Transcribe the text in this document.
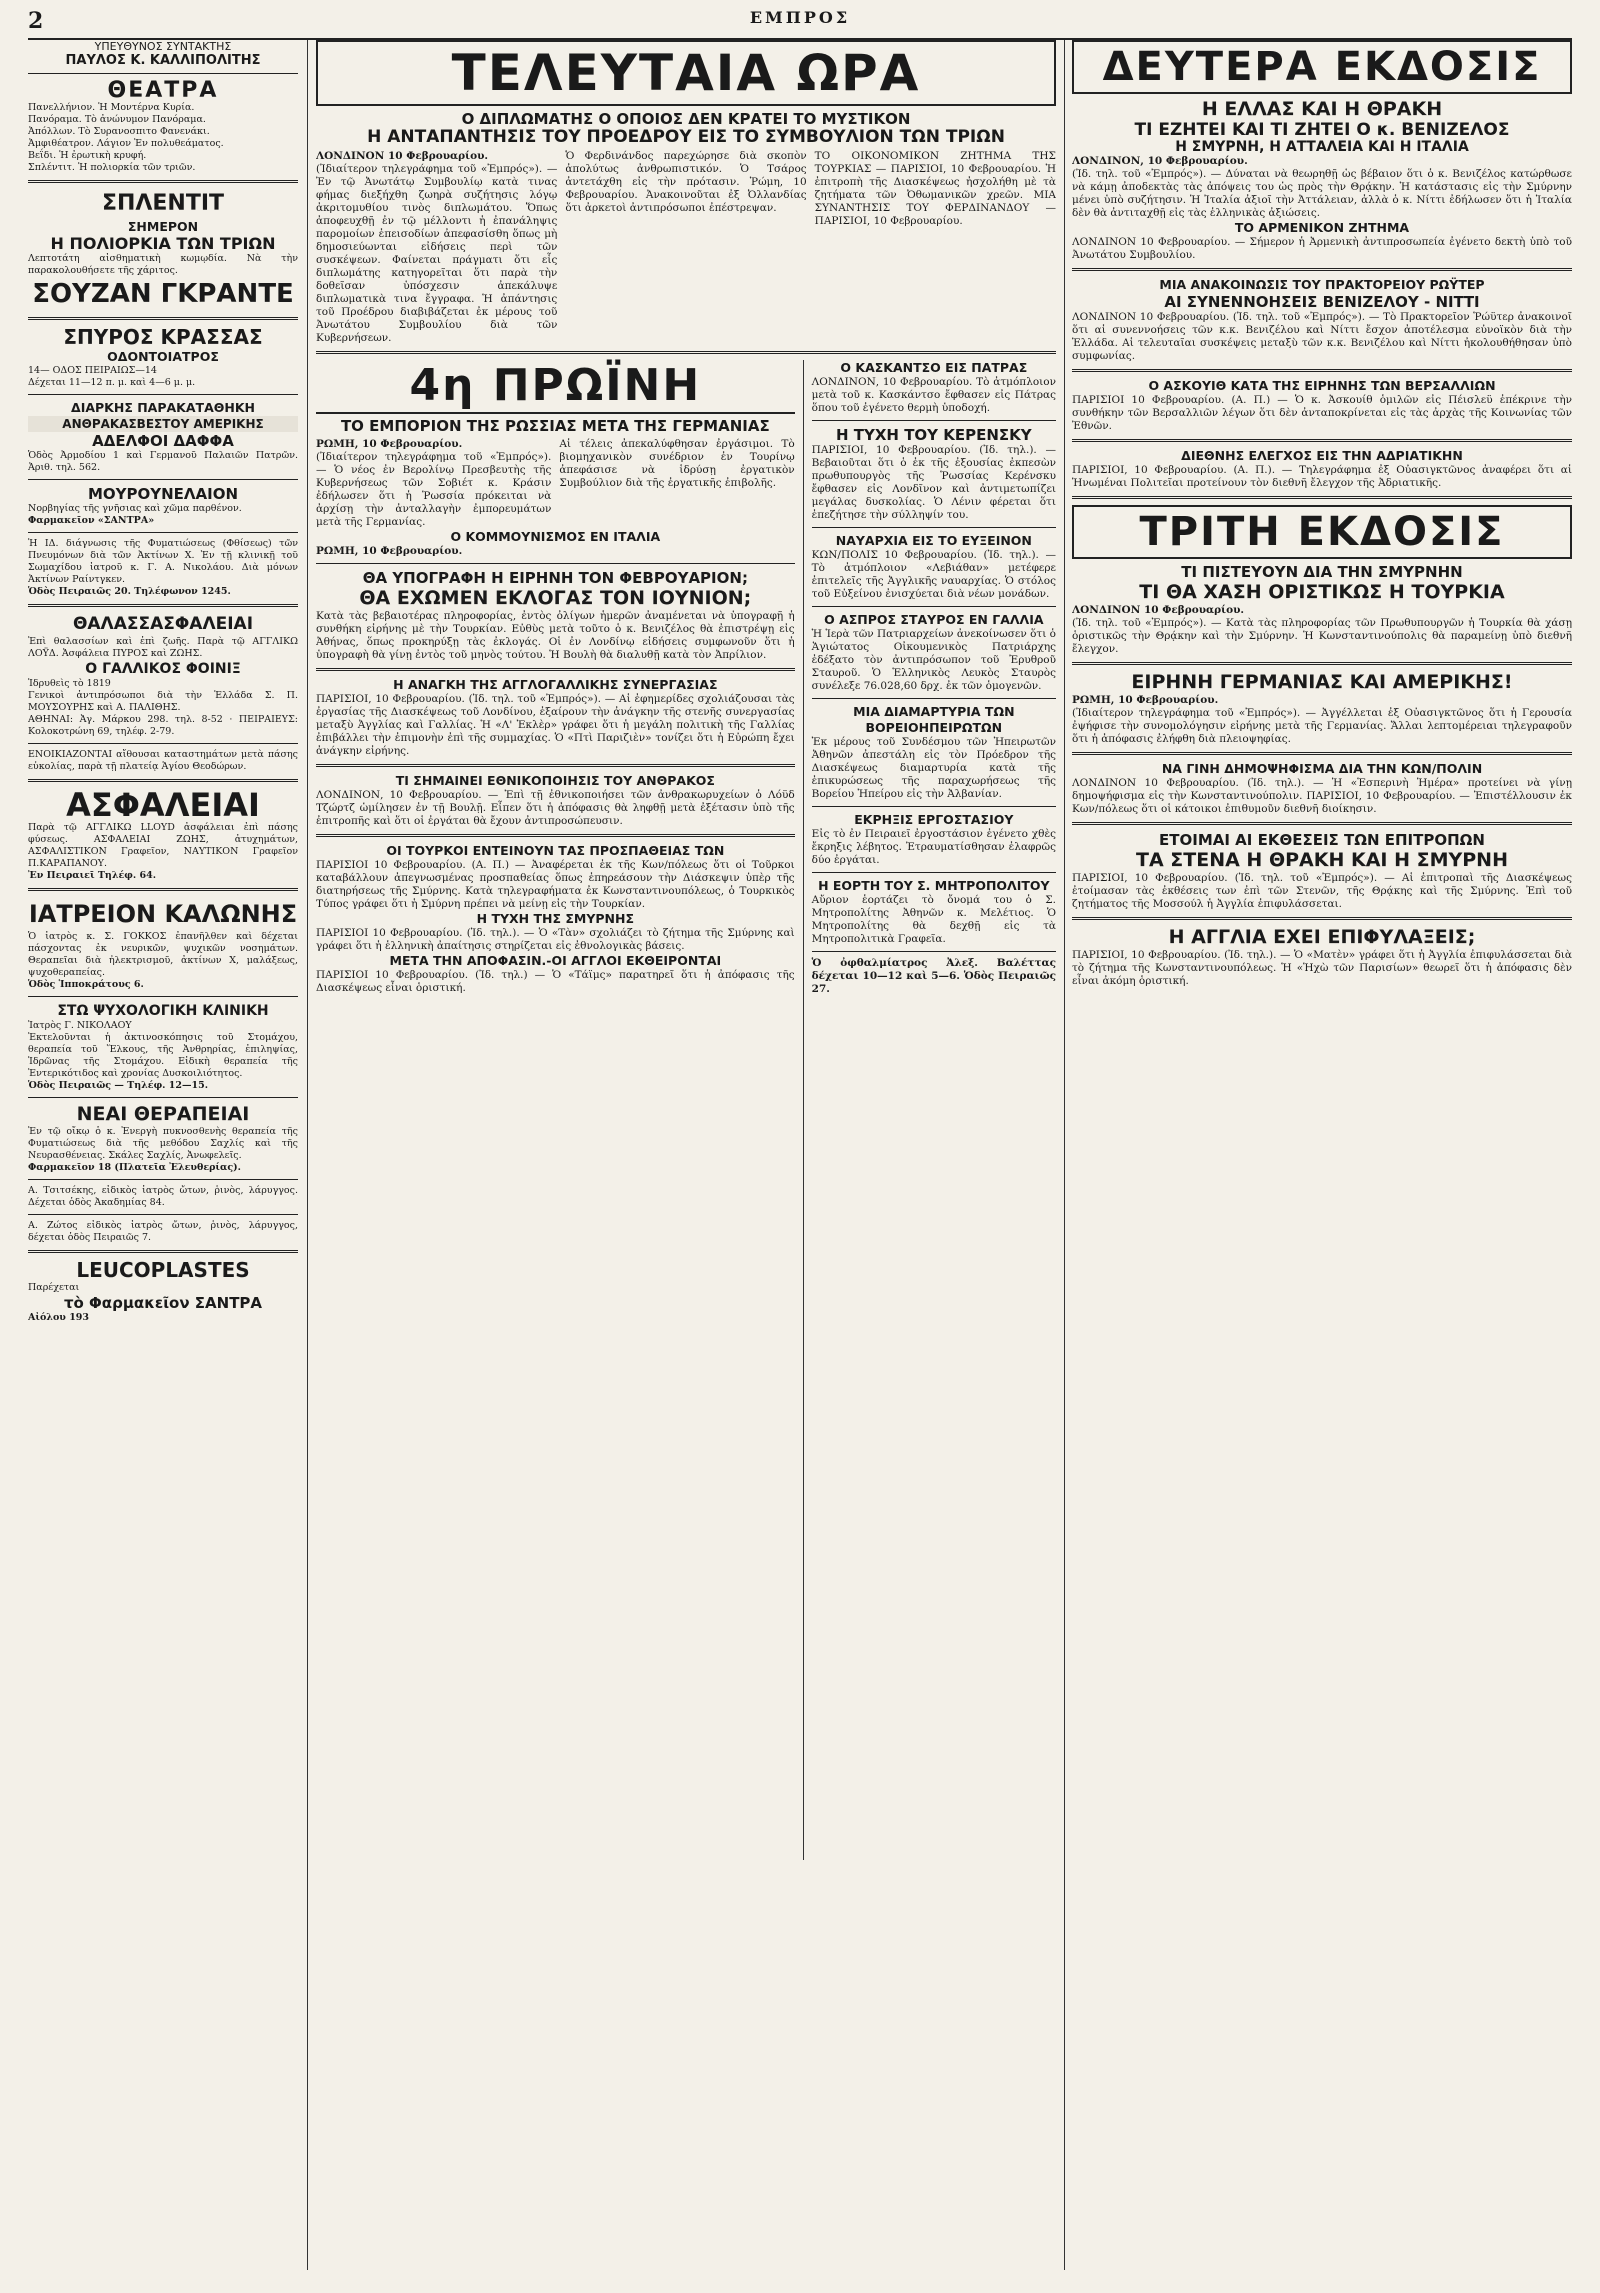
2	ΕΜΠΡΟΣ
ΥΠΕΥΘΥΝΟΣ ΣΥΝΤΑΚΤΗΣ
ΠΑΥΛΟΣ Κ. ΚΑΛΛΙΠΟΛΙΤΗΣ
ΘΕΑΤΡΑ
Πανελλήνιον. Ἡ Μοντέρνα Κυρία.
Πανόραμα. Τὸ ἀνώνυμον Πανόραμα.
Ἀπόλλων. Τὸ Συρανοσπιτο Φανενάκι.
Ἀμφιθέατρον. Λάγιον Ἐν πολυθεάματος.
Βεΐδι. Ἡ ἐρωτικὴ κρυφή.
Σπλέντιτ. Ἡ πολιορκία τῶν τριῶν.
ΣΠΛΕΝΤΙΤ
ΣΗΜΕΡΟΝ
Η ΠΟΛΙΟΡΚΙΑ ΤΩΝ ΤΡΙΩΝ
Λεπτοτάτη αἰσθηματικὴ κωμῳδία. Νὰ τὴν παρακολουθήσετε τῆς χάριτος.
ΣΟΥΖΑΝ ΓΚΡΑΝΤΕ
ΣΠΥΡΟΣ ΚΡΑΣΣΑΣ
ΟΔΟΝΤΟΙΑΤΡΟΣ
14— ΟΔΟΣ ΠΕΙΡΑΙΩΣ—14
Δέχεται 11—12 π. μ. καὶ 4—6 μ. μ.
ΔΙΑΡΚΗΣ ΠΑΡΑΚΑΤΑΘΗΚΗ
ΑΝΘΡΑΚΑΣΒΕΣΤΟΥ ΑΜΕΡΙΚΗΣ
ΑΔΕΛΦΟΙ ΔΑΦΦΑ
Ὁδὸς Ἀρμοδίου 1 καὶ Γερμανοῦ Παλαιῶν Πατρῶν. Ἀριθ. τηλ. 562.
ΜΟΥΡΟΥΝΕΛΑΙΟΝ
Νορβηγίας τῆς γνῆσιας καὶ χῶμα παρθένον.
Φαρμακεῖον «ΣΑΝΤΡΑ»
Ἡ ΙΔ. διάγνωσις τῆς Φυματιώσεως (Φθίσεως) τῶν Πνευμόνων διὰ τῶν Ἀκτίνων Χ. Ἐν τῇ κλινικῇ τοῦ Σωμαχίδου ἰατροῦ κ. Γ. Α. Νικολάου. Διὰ μόνων Ἀκτίνων Ραίντγκεν.
Ὁδὸς Πειραιῶς 20. Τηλέφωνον 1245.
ΘΑΛΑΣΣΑΣΦΑΛΕΙΑΙ
Ἐπὶ θαλασσίων καὶ ἐπὶ ζωῆς. Παρὰ τῷ ΑΓΓΛΙΚΩ ΛΟΫΔ. Ἀσφάλεια ΠΥΡΟΣ καὶ ΖΩΗΣ.
Ο ΓΑΛΛΙΚΟΣ ΦΟΙΝΙΞ
Ἱδρυθεὶς τὸ 1819
Γενικοὶ ἀντιπρόσωποι διὰ τὴν Ἑλλάδα Σ. Π. ΜΟΥΣΟΥΡΗΣ καὶ Α. ΠΑΛΙΘΗΣ.
ΑΘΗΝΑΙ: Ἀγ. Μάρκου 298. τηλ. 8-52 · ΠΕΙΡΑΙΕΥΣ: Κολοκοτρώνη 69, τηλέφ. 2-79.
ΕΝΟΙΚΙΑΖΟΝΤΑΙ αἴθουσαι καταστημάτων μετὰ πάσης εὐκολίας, παρὰ τῇ πλατείᾳ Ἁγίου Θεοδώρων.
ΑΣΦΑΛΕΙΑΙ
Παρὰ τῷ ΑΓΓΛΙΚΩ LLOYD ἀσφάλειαι ἐπὶ πάσης φύσεως. ΑΣΦΑΛΕΙΑΙ ΖΩΗΣ, ἀτυχημάτων, ΑΣΦΑΛΙΣΤΙΚΟΝ Γραφεῖον, ΝΑΥΤΙΚΟΝ Γραφεῖον Π.ΚΑΡΑΠΑΝΟΥ.
Ἐν Πειραιεῖ Τηλέφ. 64.
ΙΑΤΡΕΙΟΝ ΚΑΛΩΝΗΣ
Ὁ ἰατρὸς κ. Σ. ΓΟΚΚΟΣ ἐπανῆλθεν καὶ δέχεται πάσχοντας ἐκ νευρικῶν, ψυχικῶν νοσημάτων. Θεραπεῖαι διὰ ἠλεκτρισμοῦ, ἀκτίνων Χ, μαλάξεως, ψυχοθεραπείας.
Ὁδὸς Ἱπποκράτους 6.
ΣΤΩ ΨΥΧΟΛΟΓΙΚΗ ΚΛΙΝΙΚΗ
Ἰατρὸς Γ. ΝΙΚΟΛΑΟΥ
Ἐκτελοῦνται ἡ ἀκτινοσκόπησις τοῦ Στομάχου, θεραπεία τοῦ Ἕλκους, τῆς Ἀνθρηρίας, ἐπιληψίας, Ἱδρῶνας τῆς Στομάχου. Εἰδικὴ θεραπεία τῆς Ἐντερικότιδος καὶ χρονίας Δυσκοιλιότητος.
Ὁδὸς Πειραιῶς — Τηλέφ. 12—15.
ΝΕΑΙ ΘΕΡΑΠΕΙΑΙ
Ἐν τῷ οἴκῳ ὁ κ. Ἐνεργὴ πυκνοσθενὴς θεραπεία τῆς Φυματιώσεως διὰ τῆς μεθόδου Σαχλίς καὶ τῆς Νευρασθένειας. Σκάλες Σαχλίς, Ἀνωφελεῖς.
Φαρμακεῖον 18 (Πλατεῖα Ἐλευθερίας).
Α. Τσιτσέκης, εἰδικὸς ἰατρὸς ὤτων, ῥινὸς, λάρυγγος. Δέχεται ὁδὸς Ἀκαδημίας 84.
Α. Ζώτος εἰδικὸς ἰατρὸς ὤτων, ῥινὸς, λάρυγγος, δέχεται ὁδὸς Πειραιῶς 7.
LEUCOPLASTES
Παρέχεται
τὸ Φαρμακεῖον ΣΑΝΤΡΑ
Αἰόλου 193
ΤΕΛΕΥΤΑΙΑ ΩΡΑ
Ο ΔΙΠΛΩΜΑΤΗΣ Ο ΟΠΟΙΟΣ ΔΕΝ ΚΡΑΤΕΙ ΤΟ ΜΥΣΤΙΚΟΝ
Η ΑΝΤΑΠΑΝΤΗΣΙΣ ΤΟΥ ΠΡΟΕΔΡΟΥ ΕΙΣ ΤΟ ΣΥΜΒΟΥΛΙΟΝ ΤΩΝ ΤΡΙΩΝ
ΛΟΝΔΙΝΟΝ 10 Φεβρουαρίου.
(Ἰδιαίτερον τηλεγράφημα τοῦ «Ἐμπρός»). — Ἐν τῷ Ἀνωτάτῳ Συμβουλίῳ κατὰ τινας φήμας διεξήχθη ζωηρὰ συζήτησις λόγῳ ἀκριτομυθίου τινὸς διπλωμάτου. Ὅπως ἀποφευχθῇ ἐν τῷ μέλλοντι ἡ ἐπανάληψις παρομοίων ἐπεισοδίων ἀπεφασίσθη ὅπως μὴ δημοσιεύωνται εἰδήσεις περὶ τῶν συσκέψεων. Φαίνεται πράγματι ὅτι εἷς διπλωμάτης κατηγορεῖται ὅτι παρὰ τὴν δοθεῖσαν ὑπόσχεσιν ἀπεκάλυψε διπλωματικὰ τινα ἔγγραφα. Ἡ ἀπάντησις τοῦ Προέδρου διαβιβάζεται ἐκ μέρους τοῦ Ἀνωτάτου Συμβουλίου διὰ τῶν Κυβερνήσεων.
Ὁ Φερδινάνδος παρεχώρησε διὰ σκοπὸν ἀπολύτως ἀνθρωπιστικόν. Ὁ Τσάρος ἀντετάχθη εἰς τὴν πρότασιν. Ῥώμη, 10 Φεβρουαρίου. Ἀνακοινοῦται ἐξ Ὀλλανδίας ὅτι ἀρκετοὶ ἀντιπρόσωποι ἐπέστρεψαν.
ΤΟ ΟΙΚΟΝΟΜΙΚΟΝ ΖΗΤΗΜΑ ΤΗΣ ΤΟΥΡΚΙΑΣ — ΠΑΡΙΣΙΟΙ, 10 Φεβρουαρίου. Ἡ ἐπιτροπὴ τῆς Διασκέψεως ἠσχολήθη μὲ τὰ ζητήματα τῶν Ὀθωμανικῶν χρεῶν. ΜΙΑ ΣΥΝΑΝΤΗΣΙΣ ΤΟΥ ΦΕΡΔΙΝΑΝΔΟΥ — ΠΑΡΙΣΙΟΙ, 10 Φεβρουαρίου.
4η ΠΡΩΪΝΗ
ΤΟ ΕΜΠΟΡΙΟΝ ΤΗΣ ΡΩΣΣΙΑΣ ΜΕΤΑ ΤΗΣ ΓΕΡΜΑΝΙΑΣ
ΡΩΜΗ, 10 Φεβρουαρίου.
(Ἰδιαίτερον τηλεγράφημα τοῦ «Ἐμπρός»). — Ὁ νέος ἐν Βερολίνῳ Πρεσβευτὴς τῆς Κυβερνήσεως τῶν Σοβιέτ κ. Κράσιν ἐδήλωσεν ὅτι ἡ Ῥωσσία πρόκειται νὰ ἀρχίσῃ τὴν ἀνταλλαγὴν ἐμπορευμάτων μετὰ τῆς Γερμανίας.
Αἱ τέλεις ἀπεκαλύφθησαν ἐργάσιμοι. Τὸ βιομηχανικὸν συνέδριον ἐν Τουρίνῳ ἀπεφάσισε νὰ ἱδρύσῃ ἐργατικὸν Συμβούλιον διὰ τῆς ἐργατικῆς ἐπιβολῆς.
Ο ΚΟΜΜΟΥΝΙΣΜΟΣ ΕΝ ΙΤΑΛΙΑ
ΡΩΜΗ, 10 Φεβρουαρίου.
ΘΑ ΥΠΟΓΡΑΦΗ Η ΕΙΡΗΝΗ ΤΟΝ ΦΕΒΡΟΥΑΡΙΟΝ;
ΘΑ ΕΧΩΜΕΝ ΕΚΛΟΓΑΣ ΤΟΝ ΙΟΥΝΙΟΝ;
Κατὰ τὰς βεβαιοτέρας πληροφορίας, ἐντὸς ὀλίγων ἡμερῶν ἀναμένεται νὰ ὑπογραφῇ ἡ συνθήκη εἰρήνης μὲ τὴν Τουρκίαν. Εὐθὺς μετὰ τοῦτο ὁ κ. Βενιζέλος θὰ ἐπιστρέψῃ εἰς Ἀθήνας, ὅπως προκηρύξῃ τὰς ἐκλογάς. Οἱ ἐν Λονδίνῳ εἰδήσεις συμφωνοῦν ὅτι ἡ ὑπογραφὴ θὰ γίνῃ ἐντὸς τοῦ μηνὸς τούτου. Ἡ Βουλὴ θὰ διαλυθῇ κατὰ τὸν Ἀπρίλιον.
Η ΑΝΑΓΚΗ ΤΗΣ ΑΓΓΛΟΓΑΛΛΙΚΗΣ ΣΥΝΕΡΓΑΣΙΑΣ
ΠΑΡΙΣΙΟΙ, 10 Φεβρουαρίου. (Ἰδ. τηλ. τοῦ «Ἐμπρός»). — Αἱ ἐφημερίδες σχολιάζουσαι τὰς ἐργασίας τῆς Διασκέψεως τοῦ Λονδίνου, ἐξαίρουν τὴν ἀνάγκην τῆς στενῆς συνεργασίας μεταξὺ Ἀγγλίας καὶ Γαλλίας. Ἡ «Λ' Ἐκλὲρ» γράφει ὅτι ἡ μεγάλη πολιτικὴ τῆς Γαλλίας ἐπιβάλλει τὴν ἐπιμονὴν ἐπὶ τῆς συμμαχίας. Ὁ «Πτὶ Παριζιὲν» τονίζει ὅτι ἡ Εὐρώπη ἔχει ἀνάγκην εἰρήνης.
ΤΙ ΣΗΜΑΙΝΕΙ ΕΘΝΙΚΟΠΟΙΗΣΙΣ ΤΟΥ ΑΝΘΡΑΚΟΣ
ΛΟΝΔΙΝΟΝ, 10 Φεβρουαρίου. — Ἐπὶ τῇ ἐθνικοποιήσει τῶν ἀνθρακωρυχείων ὁ Λόϋδ Τζώρτζ ὡμίλησεν ἐν τῇ Βουλῇ. Εἶπεν ὅτι ἡ ἀπόφασις θὰ ληφθῇ μετὰ ἐξέτασιν ὑπὸ τῆς ἐπιτροπῆς καὶ ὅτι οἱ ἐργάται θὰ ἔχουν ἀντιπροσώπευσιν.
ΟΙ ΤΟΥΡΚΟΙ ΕΝΤΕΙΝΟΥΝ ΤΑΣ ΠΡΟΣΠΑΘΕΙΑΣ ΤΩΝ
ΠΑΡΙΣΙΟΙ 10 Φεβρουαρίου. (Α. Π.) — Ἀναφέρεται ἐκ τῆς Κων/πόλεως ὅτι οἱ Τοῦρκοι καταβάλλουν ἀπεγνωσμένας προσπαθείας ὅπως ἐπηρεάσουν τὴν Διάσκεψιν ὑπὲρ τῆς διατηρήσεως τῆς Σμύρνης. Κατὰ τηλεγραφήματα ἐκ Κωνσταντινουπόλεως, ὁ Τουρκικὸς Τύπος γράφει ὅτι ἡ Σμύρνη πρέπει νὰ μείνῃ εἰς τὴν Τουρκίαν.
Η ΤΥΧΗ ΤΗΣ ΣΜΥΡΝΗΣ
ΠΑΡΙΣΙΟΙ 10 Φεβρουαρίου. (Ἰδ. τηλ.). — Ὁ «Τὰν» σχολιάζει τὸ ζήτημα τῆς Σμύρνης καὶ γράφει ὅτι ἡ ἑλληνικὴ ἀπαίτησις στηρίζεται εἰς ἐθνολογικὰς βάσεις.
ΜΕΤΑ ΤΗΝ ΑΠΟΦΑΣΙΝ.-ΟΙ ΑΓΓΛΟΙ ΕΚΘΕΙΡΟΝΤΑΙ
ΠΑΡΙΣΙΟΙ 10 Φεβρουαρίου. (Ἰδ. τηλ.) — Ὁ «Τάϊμς» παρατηρεῖ ὅτι ἡ ἀπόφασις τῆς Διασκέψεως εἶναι ὁριστική.
Ο ΚΑΣΚΑΝΤΣΟ ΕΙΣ ΠΑΤΡΑΣ
ΛΟΝΔΙΝΟΝ, 10 Φεβρουαρίου. Τὸ ἀτμόπλοιον μετὰ τοῦ κ. Κασκάντσο ἔφθασεν εἰς Πάτρας ὅπου τοῦ ἐγένετο θερμὴ ὑποδοχή.
Η ΤΥΧΗ ΤΟΥ ΚΕΡΕΝΣΚΥ
ΠΑΡΙΣΙΟΙ, 10 Φεβρουαρίου. (Ἰδ. τηλ.). — Βεβαιοῦται ὅτι ὁ ἐκ τῆς ἐξουσίας ἐκπεσὼν πρωθυπουργὸς τῆς Ῥωσσίας Κερένσκυ ἔφθασεν εἰς Λονδῖνον καὶ ἀντιμετωπίζει μεγάλας δυσκολίας. Ὁ Λένιν φέρεται ὅτι ἐπεζήτησε τὴν σύλληψίν του.
ΝΑΥΑΡΧΙΑ ΕΙΣ ΤΟ ΕΥΞΕΙΝΟΝ
ΚΩΝ/ΠΟΛΙΣ 10 Φεβρουαρίου. (Ἰδ. τηλ.). — Τὸ ἀτμόπλοιον «Λεβιάθαν» μετέφερε ἐπιτελεῖς τῆς Ἀγγλικῆς ναυαρχίας. Ὁ στόλος τοῦ Εὐξείνου ἐνισχύεται διὰ νέων μονάδων.
Ο ΑΣΠΡΟΣ ΣΤΑΥΡΟΣ ΕΝ ΓΑΛΛΙΑ
Ἡ Ἱερὰ τῶν Πατριαρχείων ἀνεκοίνωσεν ὅτι ὁ Ἁγιώτατος Οἰκουμενικὸς Πατριάρχης ἐδέξατο τὸν ἀντιπρόσωπον τοῦ Ἐρυθροῦ Σταυροῦ. Ὁ Ἑλληνικὸς Λευκὸς Σταυρὸς συνέλεξε 76.028,60 δρχ. ἐκ τῶν ὁμογενῶν.
ΜΙΑ ΔΙΑΜΑΡΤΥΡΙΑ ΤΩΝ ΒΟΡΕΙΟΗΠΕΙΡΩΤΩΝ
Ἐκ μέρους τοῦ Συνδέσμου τῶν Ἠπειρωτῶν Ἀθηνῶν ἀπεστάλη εἰς τὸν Πρόεδρον τῆς Διασκέψεως διαμαρτυρία κατὰ τῆς ἐπικυρώσεως τῆς παραχωρήσεως τῆς Βορείου Ἠπείρου εἰς τὴν Ἀλβανίαν.
ΕΚΡΗΞΙΣ ΕΡΓΟΣΤΑΣΙΟΥ
Εἰς τὸ ἐν Πειραιεῖ ἐργοστάσιον ἐγένετο χθὲς ἔκρηξις λέβητος. Ἐτραυματίσθησαν ἐλαφρῶς δύο ἐργάται.
Η ΕΟΡΤΗ ΤΟΥ Σ. ΜΗΤΡΟΠΟΛΙΤΟΥ
Αὔριον ἑορτάζει τὸ ὄνομά του ὁ Σ. Μητροπολίτης Ἀθηνῶν κ. Μελέτιος. Ὁ Μητροπολίτης θὰ δεχθῇ εἰς τὰ Μητροπολιτικὰ Γραφεῖα.
Ὁ ὀφθαλμίατρος Ἀλεξ. Βαλέττας δέχεται 10—12 καὶ 5—6. Ὁδὸς Πειραιῶς 27.
ΔΕΥΤΕΡΑ ΕΚΔΟΣΙΣ
Η ΕΛΛΑΣ ΚΑΙ Η ΘΡΑΚΗ
ΤΙ ΕΖΗΤΕΙ ΚΑΙ ΤΙ ΖΗΤΕΙ Ο κ. ΒΕΝΙΖΕΛΟΣ
Η ΣΜΥΡΝΗ, Η ΑΤΤΑΛΕΙΑ ΚΑΙ Η ΙΤΑΛΙΑ
ΛΟΝΔΙΝΟΝ, 10 Φεβρουαρίου.
(Ἰδ. τηλ. τοῦ «Ἐμπρός»). — Δύναται νὰ θεωρηθῇ ὡς βέβαιον ὅτι ὁ κ. Βενιζέλος κατώρθωσε νὰ κάμῃ ἀποδεκτὰς τὰς ἀπόψεις του ὡς πρὸς τὴν Θρᾴκην. Ἡ κατάστασις εἰς τὴν Σμύρνην μένει ὑπὸ συζήτησιν. Ἡ Ἰταλία ἀξιοῖ τὴν Ἀττάλειαν, ἀλλὰ ὁ κ. Νίττι ἐδήλωσεν ὅτι ἡ Ἰταλία δὲν θὰ ἀντιταχθῇ εἰς τὰς ἑλληνικὰς ἀξιώσεις.
ΤΟ ΑΡΜΕΝΙΚΟΝ ΖΗΤΗΜΑ
ΛΟΝΔΙΝΟΝ 10 Φεβρουαρίου. — Σήμερον ἡ Ἀρμενικὴ ἀντιπροσωπεία ἐγένετο δεκτὴ ὑπὸ τοῦ Ἀνωτάτου Συμβουλίου.
ΜΙΑ ΑΝΑΚΟΙΝΩΣΙΣ ΤΟΥ ΠΡΑΚΤΟΡΕΙΟΥ ΡΩΫΤΕΡ
ΑΙ ΣΥΝΕΝΝΟΗΣΕΙΣ ΒΕΝΙΖΕΛΟΥ - ΝΙΤΤΙ
ΛΟΝΔΙΝΟΝ 10 Φεβρουαρίου. (Ἰδ. τηλ. τοῦ «Ἐμπρός»). — Τὸ Πρακτορεῖον Ῥώϋτερ ἀνακοινοῖ ὅτι αἱ συνεννοήσεις τῶν κ.κ. Βενιζέλου καὶ Νίττι ἔσχον ἀποτέλεσμα εὐνοϊκὸν διὰ τὴν Ἑλλάδα. Αἱ τελευταῖαι συσκέψεις μεταξὺ τῶν κ.κ. Βενιζέλου καὶ Νίττι ἠκολουθήθησαν ὑπὸ συμφωνίας.
Ο ΑΣΚΟΥΙΘ ΚΑΤΑ ΤΗΣ ΕΙΡΗΝΗΣ ΤΩΝ ΒΕΡΣΑΛΛΙΩΝ
ΠΑΡΙΣΙΟΙ 10 Φεβρουαρίου. (Α. Π.) — Ὁ κ. Ἀσκουίθ ὁμιλῶν εἰς Πέισλεϋ ἐπέκρινε τὴν συνθήκην τῶν Βερσαλλιῶν λέγων ὅτι δὲν ἀνταποκρίνεται εἰς τὰς ἀρχὰς τῆς Κοινωνίας τῶν Ἐθνῶν.
ΔΙΕΘΝΗΣ ΕΛΕΓΧΟΣ ΕΙΣ ΤΗΝ ΑΔΡΙΑΤΙΚΗΝ
ΠΑΡΙΣΙΟΙ, 10 Φεβρουαρίου. (Α. Π.). — Τηλεγράφημα ἐξ Οὐασιγκτῶνος ἀναφέρει ὅτι αἱ Ἡνωμέναι Πολιτεῖαι προτείνουν τὸν διεθνῆ ἔλεγχον τῆς Ἀδριατικῆς.
ΤΡΙΤΗ ΕΚΔΟΣΙΣ
ΤΙ ΠΙΣΤΕΥΟΥΝ ΔΙΑ ΤΗΝ ΣΜΥΡΝΗΝ
ΤΙ ΘΑ ΧΑΣΗ ΟΡΙΣΤΙΚΩΣ Η ΤΟΥΡΚΙΑ
ΛΟΝΔΙΝΟΝ 10 Φεβρουαρίου.
(Ἰδ. τηλ. τοῦ «Ἐμπρός»). — Κατὰ τὰς πληροφορίας τῶν Πρωθυπουργῶν ἡ Τουρκία θὰ χάσῃ ὁριστικῶς τὴν Θρᾴκην καὶ τὴν Σμύρνην. Ἡ Κωνσταντινούπολις θὰ παραμείνῃ ὑπὸ διεθνῆ ἔλεγχον.
ΕΙΡΗΝΗ ΓΕΡΜΑΝΙΑΣ ΚΑΙ ΑΜΕΡΙΚΗΣ!
ΡΩΜΗ, 10 Φεβρουαρίου.
(Ἰδιαίτερον τηλεγράφημα τοῦ «Ἐμπρός»). — Ἀγγέλλεται ἐξ Οὐασιγκτῶνος ὅτι ἡ Γερουσία ἐψήφισε τὴν συνομολόγησιν εἰρήνης μετὰ τῆς Γερμανίας. Ἄλλαι λεπτομέρειαι τηλεγραφοῦν ὅτι ἡ ἀπόφασις ἐλήφθη διὰ πλειοψηφίας.
ΝΑ ΓΙΝΗ ΔΗΜΟΨΗΦΙΣΜΑ ΔΙΑ ΤΗΝ ΚΩΝ/ΠΟΛΙΝ
ΛΟΝΔΙΝΟΝ 10 Φεβρουαρίου. (Ἰδ. τηλ.). — Ἡ «Ἑσπερινὴ Ἡμέρα» προτείνει νὰ γίνῃ δημοψήφισμα εἰς τὴν Κωνσταντινούπολιν. ΠΑΡΙΣΙΟΙ, 10 Φεβρουαρίου. — Ἐπιστέλλουσιν ἐκ Κων/πόλεως ὅτι οἱ κάτοικοι ἐπιθυμοῦν διεθνῆ διοίκησιν.
ΕΤΟΙΜΑΙ ΑΙ ΕΚΘΕΣΕΙΣ ΤΩΝ ΕΠΙΤΡΟΠΩΝ
ΤΑ ΣΤΕΝΑ Η ΘΡΑΚΗ ΚΑΙ Η ΣΜΥΡΝΗ
ΠΑΡΙΣΙΟΙ, 10 Φεβρουαρίου. (Ἰδ. τηλ. τοῦ «Ἐμπρός»). — Αἱ ἐπιτροπαὶ τῆς Διασκέψεως ἐτοίμασαν τὰς ἐκθέσεις των ἐπὶ τῶν Στενῶν, τῆς Θρᾴκης καὶ τῆς Σμύρνης. Ἐπὶ τοῦ ζητήματος τῆς Μοσσούλ ἡ Ἀγγλία ἐπιφυλάσσεται.
Η ΑΓΓΛΙΑ ΕΧΕΙ ΕΠΙΦΥΛΑΞΕΙΣ;
ΠΑΡΙΣΙΟΙ, 10 Φεβρουαρίου. (Ἰδ. τηλ.). — Ὁ «Ματὲν» γράφει ὅτι ἡ Ἀγγλία ἐπιφυλάσσεται διὰ τὸ ζήτημα τῆς Κωνσταντινουπόλεως. Ἡ «Ἡχὼ τῶν Παρισίων» θεωρεῖ ὅτι ἡ ἀπόφασις δὲν εἶναι ἀκόμη ὁριστική.
